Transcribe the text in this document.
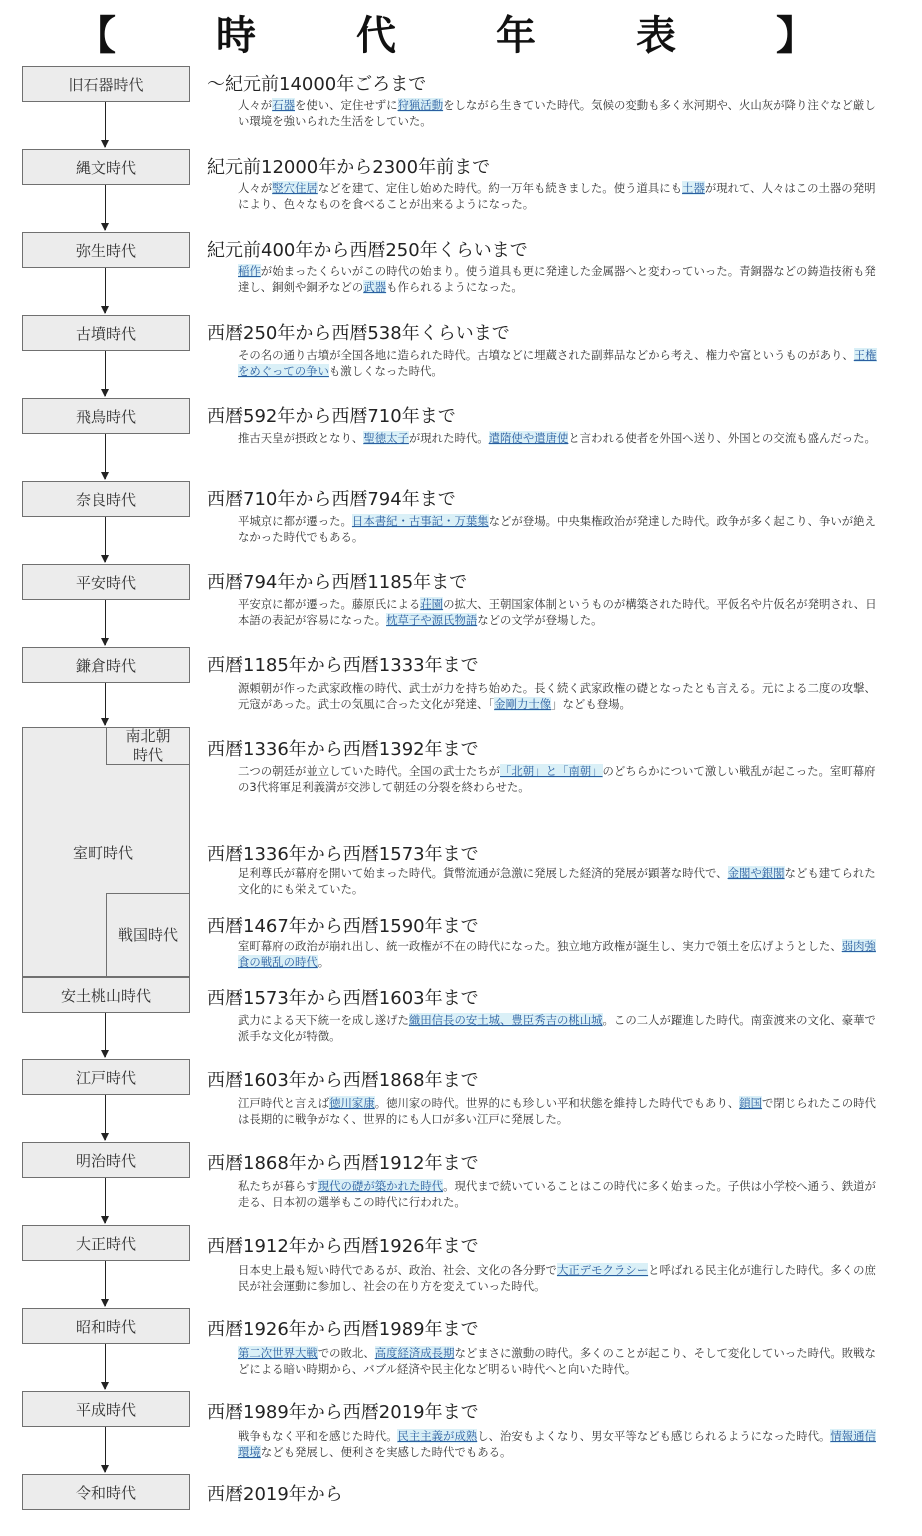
【　時　代　年　表　】
旧石器時代
縄文時代
弥生時代
古墳時代
飛鳥時代
奈良時代
平安時代
鎌倉時代
室町時代
南北朝
時代
戦国時代
安土桃山時代
江戸時代
明治時代
大正時代
昭和時代
平成時代
令和時代
〜紀元前14000年ごろまで
人々が石器を使い、定住せずに狩猟活動をしながら生きていた時代。気候の変動も多く氷河期や、火山灰が降り注ぐなど厳しい環境を強いられた生活をしていた。
紀元前12000年から2300年前まで
人々が竪穴住居などを建て、定住し始めた時代。約一万年も続きました。使う道具にも土器が現れて、人々はこの土器の発明により、色々なものを食べることが出来るようになった。
紀元前400年から西暦250年くらいまで
稲作が始まったくらいがこの時代の始まり。使う道具も更に発達した金属器へと変わっていった。青銅器などの鋳造技術も発達し、銅剣や銅矛などの武器も作られるようになった。
西暦250年から西暦538年くらいまで
その名の通り古墳が全国各地に造られた時代。古墳などに埋蔵された副葬品などから考え、権力や富というものがあり、王権をめぐっての争いも激しくなった時代。
西暦592年から西暦710年まで
推古天皇が摂政となり、聖徳太子が現れた時代。遣隋使や遣唐使と言われる使者を外国へ送り、外国との交流も盛んだった。
西暦710年から西暦794年まで
平城京に都が遷った。日本書紀・古事記・万葉集などが登場。中央集権政治が発達した時代。政争が多く起こり、争いが絶えなかった時代でもある。
西暦794年から西暦1185年まで
平安京に都が遷った。藤原氏による荘園の拡大、王朝国家体制というものが構築された時代。平仮名や片仮名が発明され、日本語の表記が容易になった。枕草子や源氏物語などの文学が登場した。
西暦1185年から西暦1333年まで
源頼朝が作った武家政権の時代、武士が力を持ち始めた。長く続く武家政権の礎となったとも言える。元による二度の攻撃、元寇があった。武士の気風に合った文化が発達、「金剛力士像」なども登場。
西暦1336年から西暦1392年まで
二つの朝廷が並立していた時代。全国の武士たちが「北朝」と「南朝」のどちらかについて激しい戦乱が起こった。室町幕府の3代将軍足利義満が交渉して朝廷の分裂を終わらせた。
西暦1336年から西暦1573年まで
足利尊氏が幕府を開いて始まった時代。貨幣流通が急激に発展した経済的発展が顕著な時代で、金閣や銀閣なども建てられた文化的にも栄えていた。
西暦1467年から西暦1590年まで
室町幕府の政治が崩れ出し、統一政権が不在の時代になった。独立地方政権が誕生し、実力で領土を広げようとした、弱肉強食の戦乱の時代。
西暦1573年から西暦1603年まで
武力による天下統一を成し遂げた織田信長の安土城、豊臣秀吉の桃山城。この二人が躍進した時代。南蛮渡来の文化、豪華で派手な文化が特徴。
西暦1603年から西暦1868年まで
江戸時代と言えば徳川家康。徳川家の時代。世界的にも珍しい平和状態を維持した時代でもあり、鎖国で閉じられたこの時代は長期的に戦争がなく、世界的にも人口が多い江戸に発展した。
西暦1868年から西暦1912年まで
私たちが暮らす現代の礎が築かれた時代。現代まで続いていることはこの時代に多く始まった。子供は小学校へ通う、鉄道が走る、日本初の選挙もこの時代に行われた。
西暦1912年から西暦1926年まで
日本史上最も短い時代であるが、政治、社会、文化の各分野で大正デモクラシーと呼ばれる民主化が進行した時代。多くの庶民が社会運動に参加し、社会の在り方を変えていった時代。
西暦1926年から西暦1989年まで
第二次世界大戦での敗北、高度経済成長期などまさに激動の時代。多くのことが起こり、そして変化していった時代。敗戦などによる暗い時期から、バブル経済や民主化など明るい時代へと向いた時代。
西暦1989年から西暦2019年まで
戦争もなく平和を感じた時代。民主主義が成熟し、治安もよくなり、男女平等なども感じられるようになった時代。情報通信環境なども発展し、便利さを実感した時代でもある。
西暦2019年から
